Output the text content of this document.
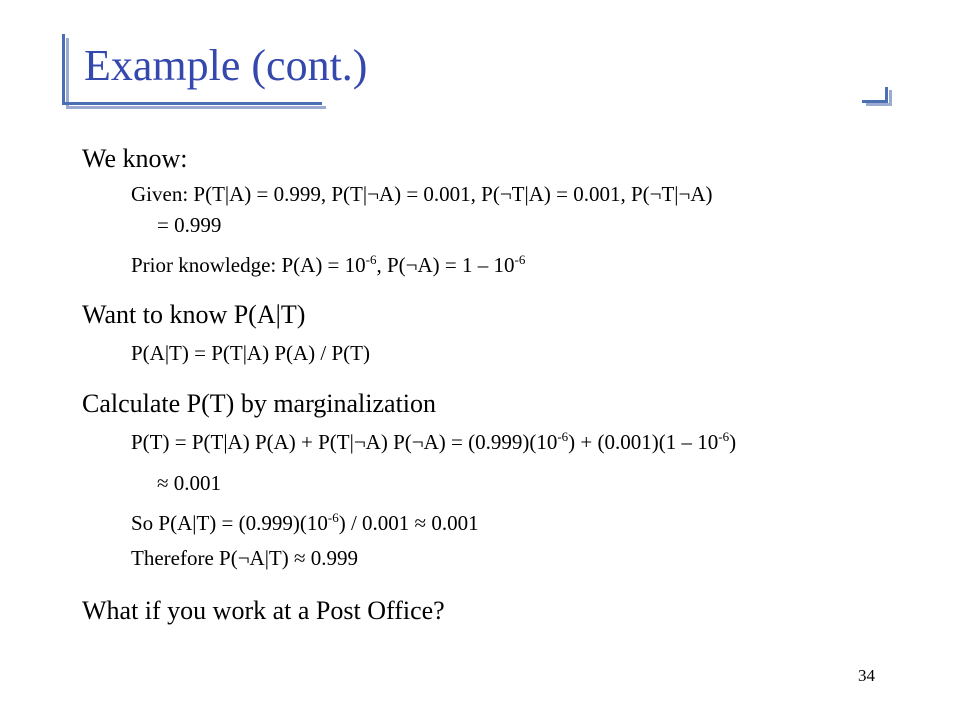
Example (cont.)
We know:
Given: P(T|A) = 0.999, P(T|¬A) = 0.001, P(¬T|A) = 0.001, P(¬T|¬A)
= 0.999
Prior knowledge: $P(A) = 10^{-6}$, P(¬A) = $1 - 10^{-6}$
Want to know P(A|T)
P(A|T) = P(T|A) P(A) / P(T)
Calculate P(T) by marginalization
P(T) = P(T|A) P(A) + P(T|¬A) P(¬A) = $(0.999)(10^{-6}) + (0.001)(1 - 10^{-6})$
≈ 0.001
So $P(A|T) = (0.999)(10^{-6}) / 0.001 \approx 0.001$
Therefore P(¬A|T) ≈ 0.999
What if you work at a Post Office?
34
